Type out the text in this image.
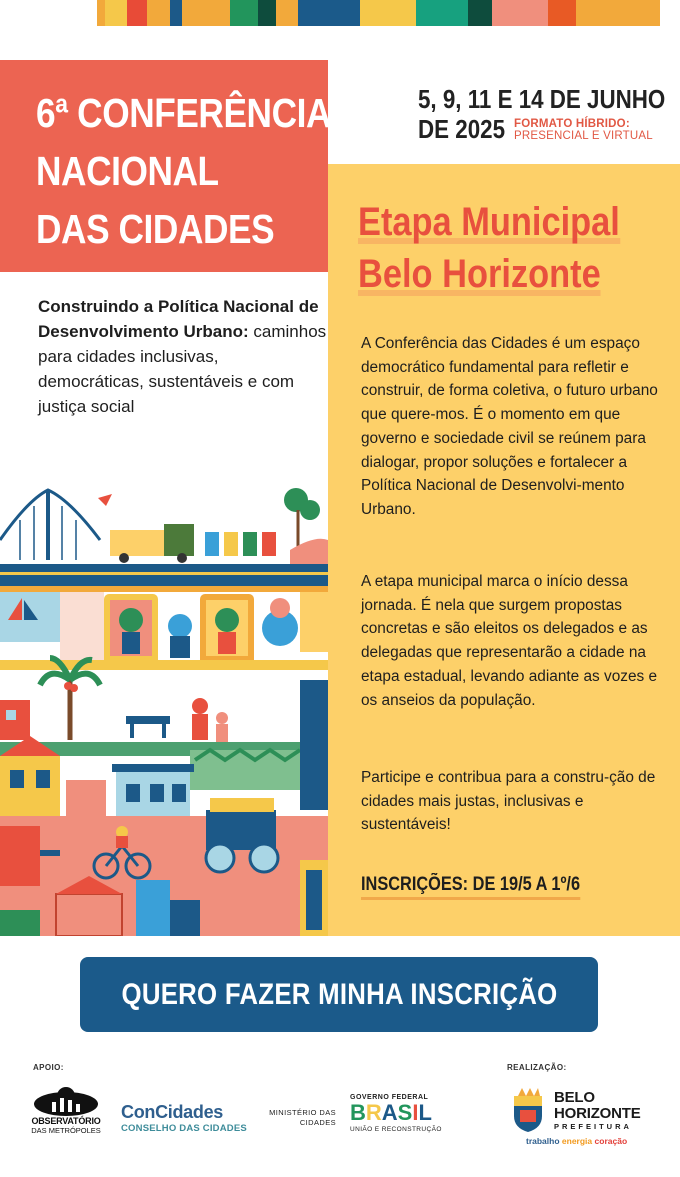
6ª CONFERÊNCIA
NACIONAL
DAS CIDADES
5, 9, 11 E 14 DE JUNHO
DE 2025 FORMATO HÍBRIDO:
PRESENCIAL E VIRTUAL
Etapa Municipal
Belo Horizonte

A Conferência das Cidades é um espaço democrático fundamental para refletir e construir, de forma coletiva, o futuro urbano que quere-mos. É o momento em que governo e sociedade civil se reúnem para dialogar, propor soluções e fortalecer a Política Nacional de Desenvolvi-mento Urbano.

A etapa municipal marca o início dessa jornada. É nela que surgem propostas concretas e são eleitos os delegados e as delegadas que representarão a cidade na etapa estadual, levando adiante as vozes e os anseios da população.

Participe e contribua para a constru-ção de cidades mais justas, inclusivas e sustentáveis!

INSCRIÇÕES: DE 19/5 A 1º/6
Construindo a Política Nacional de Desenvolvimento Urbano: caminhos para cidades inclusivas, democráticas, sustentáveis e com justiça social
QUERO FAZER MINHA INSCRIÇÃO
APOIO:	REALIZAÇÃO:
OBSERVATÓRIO
DAS METRÓPOLES
ConCidades
CONSELHO DAS CIDADES
MINISTÉRIO DAS
CIDADES
GOVERNO FEDERAL
B R A S I L
UNIÃO E RECONSTRUÇÃO
BELO
HORIZONTE
PREFEITURA
trabalho energia coração
